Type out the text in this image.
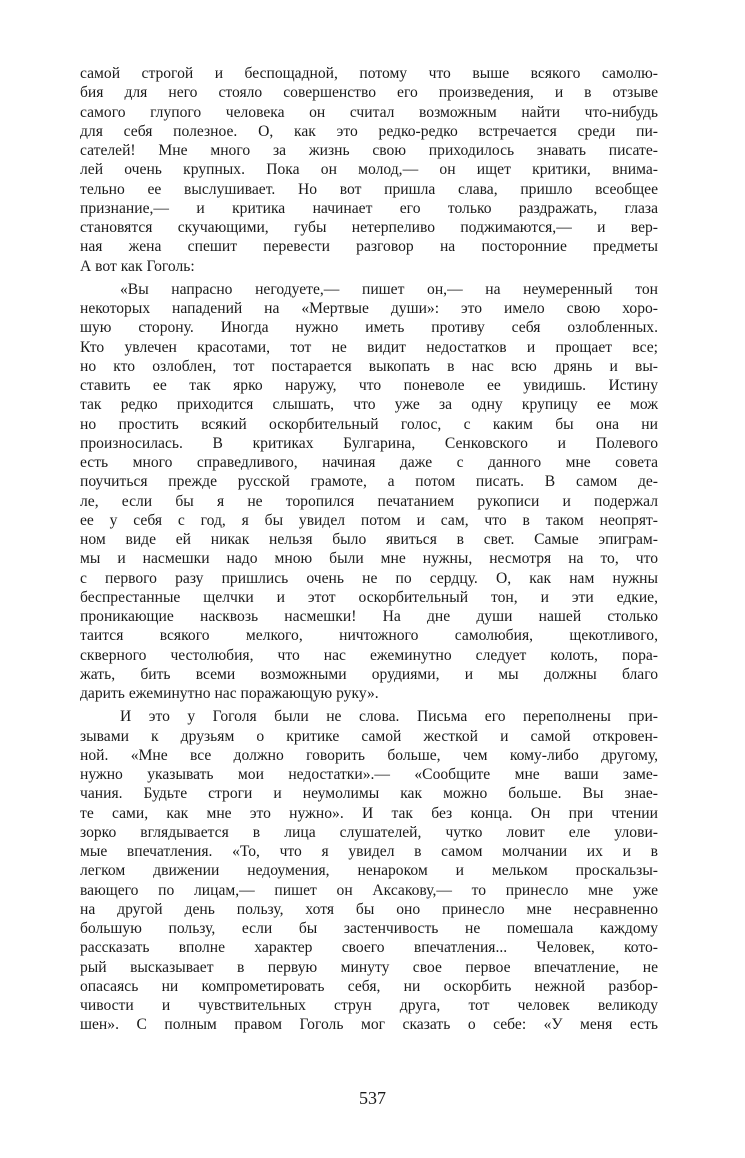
самой строгой и беспощадной, потому что выше всякого самолю-
бия для него стояло совершенство его произведения, и в отзыве
самого глупого человека он считал возможным найти что-нибудь
для себя полезное. О, как это редко-редко встречается среди пи-
сателей! Мне много за жизнь свою приходилось знавать писате-
лей очень крупных. Пока он молод,— он ищет критики, внима-
тельно ее выслушивает. Но вот пришла слава, пришло всеобщее
признание,— и критика начинает его только раздражать, глаза
становятся скучающими, губы нетерпеливо поджимаются,— и вер-
ная жена спешит перевести разговор на посторонние предметы
А вот как Гоголь:
«Вы напрасно негодуете,— пишет он,— на неумеренный тон
некоторых нападений на «Мертвые души»: это имело свою хоро-
шую сторону. Иногда нужно иметь противу себя озлобленных.
Кто увлечен красотами, тот не видит недостатков и прощает все;
но кто озлоблен, тот постарается выкопать в нас всю дрянь и вы-
ставить ее так ярко наружу, что поневоле ее увидишь. Истину
так редко приходится слышать, что уже за одну крупицу ее мож
но простить всякий оскорбительный голос, с каким бы она ни
произносилась. В критиках Булгарина, Сенковского и Полевого
есть много справедливого, начиная даже с данного мне совета
поучиться прежде русской грамоте, а потом писать. В самом де-
ле, если бы я не торопился печатанием рукописи и подержал
ее у себя с год, я бы увидел потом и сам, что в таком неопрят-
ном виде ей никак нельзя было явиться в свет. Самые эпиграм-
мы и насмешки надо мною были мне нужны, несмотря на то, что
с первого разу пришлись очень не по сердцу. О, как нам нужны
беспрестанные щелчки и этот оскорбительный тон, и эти едкие,
проникающие насквозь насмешки! На дне души нашей столько
таится всякого мелкого, ничтожного самолюбия, щекотливого,
скверного честолюбия, что нас ежеминутно следует колоть, пора-
жать, бить всеми возможными орудиями, и мы должны благо
дарить ежеминутно нас поражающую руку».
И это у Гоголя были не слова. Письма его переполнены при-
зывами к друзьям о критике самой жесткой и самой откровен-
ной. «Мне все должно говорить больше, чем кому-либо другому,
нужно указывать мои недостатки».— «Сообщите мне ваши заме-
чания. Будьте строги и неумолимы как можно больше. Вы знае-
те сами, как мне это нужно». И так без конца. Он при чтении
зорко вглядывается в лица слушателей, чутко ловит еле улови-
мые впечатления. «То, что я увидел в самом молчании их и в
легком движении недоумения, ненароком и мельком проскальзы-
вающего по лицам,— пишет он Аксакову,— то принесло мне уже
на другой день пользу, хотя бы оно принесло мне несравненно
большую пользу, если бы застенчивость не помешала каждому
рассказать вполне характер своего впечатления... Человек, кото-
рый высказывает в первую минуту свое первое впечатление, не
опасаясь ни компрометировать себя, ни оскорбить нежной разбор-
чивости и чувствительных струн друга, тот человек великоду
шен». С полным правом Гоголь мог сказать о себе: «У меня есть
537
